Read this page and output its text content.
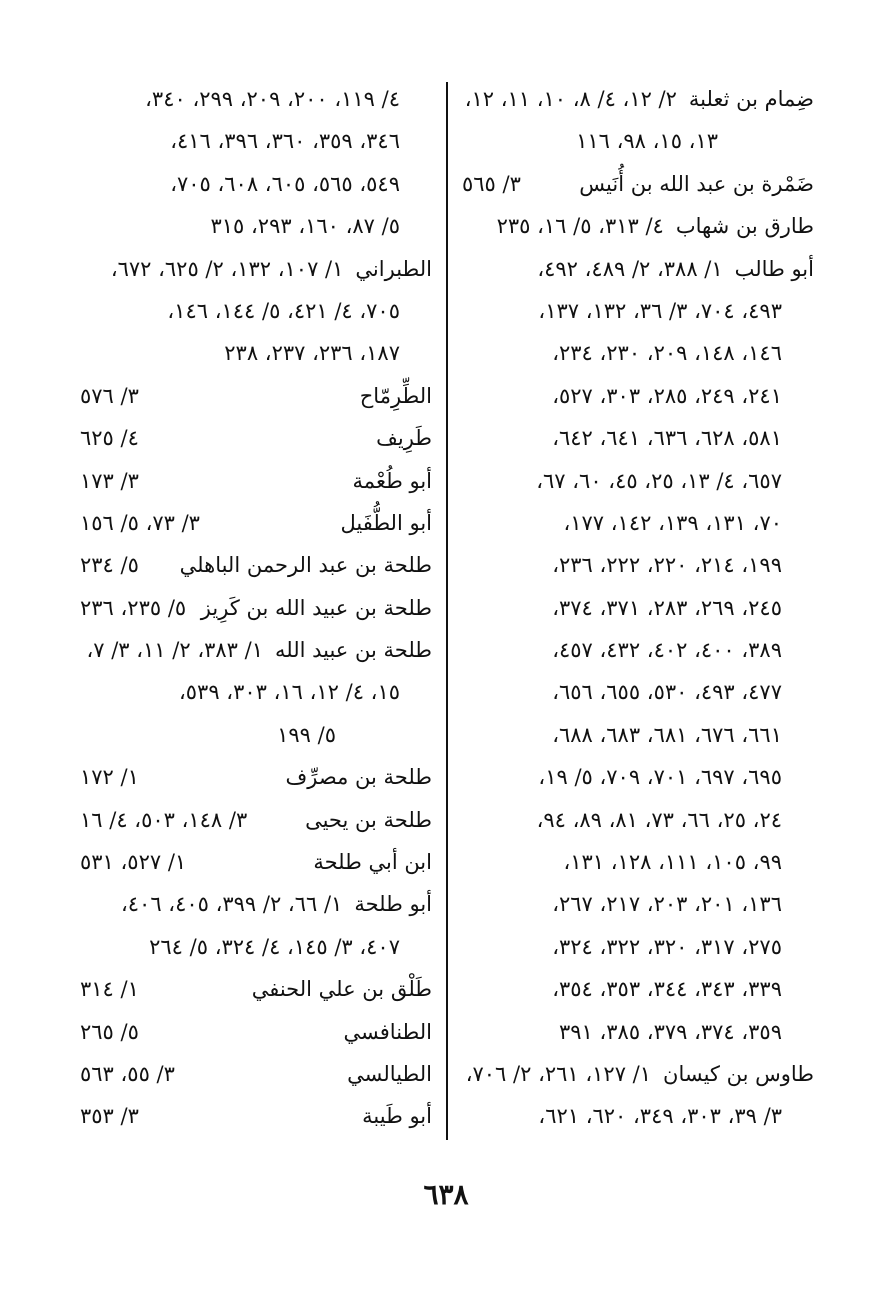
ضِمام بن ثعلبة
٢/ ١٢، ٤/ ٨، ١٠، ١١، ١٢،
١٣، ١٥، ٩٨، ١١٦
ضَمْرة بن عبد الله بن أُنَيس
٣/ ٥٦٥
طارق بن شهاب
٤/ ٣١٣، ٥/ ١٦، ٢٣٥
أبو طالب
١/ ٣٨٨، ٢/ ٤٨٩، ٤٩٢،
٤٩٣، ٧٠٤، ٣/ ٣٦، ١٣٢، ١٣٧،
١٤٦، ١٤٨، ٢٠٩، ٢٣٠، ٢٣٤،
٢٤١، ٢٤٩، ٢٨٥، ٣٠٣، ٥٢٧،
٥٨١، ٦٢٨، ٦٣٦، ٦٤١، ٦٤٢،
٦٥٧، ٤/ ١٣، ٢٥، ٤٥، ٦٠، ٦٧،
٧٠، ١٣١، ١٣٩، ١٤٢، ١٧٧،
١٩٩، ٢١٤، ٢٢٠، ٢٢٢، ٢٣٦،
٢٤٥، ٢٦٩، ٢٨٣، ٣٧١، ٣٧٤،
٣٨٩، ٤٠٠، ٤٠٢، ٤٣٢، ٤٥٧،
٤٧٧، ٤٩٣، ٥٣٠، ٦٥٥، ٦٥٦،
٦٦١، ٦٧٦، ٦٨١، ٦٨٣، ٦٨٨،
٦٩٥، ٦٩٧، ٧٠١، ٧٠٩، ٥/ ١٩،
٢٤، ٢٥، ٦٦، ٧٣، ٨١، ٨٩، ٩٤،
٩٩، ١٠٥، ١١١، ١٢٨، ١٣١،
١٣٦، ٢٠١، ٢٠٣، ٢١٧، ٢٦٧،
٢٧٥، ٣١٧، ٣٢٠، ٣٢٢، ٣٢٤،
٣٣٩، ٣٤٣، ٣٤٤، ٣٥٣، ٣٥٤،
٣٥٩، ٣٧٤، ٣٧٩، ٣٨٥، ٣٩١
طاوس بن كيسان
١/ ١٢٧، ٢٦١، ٢/ ٧٠٦،
٣/ ٣٩، ٣٠٣، ٣٤٩، ٦٢٠، ٦٢١،
٤/ ١١٩، ٢٠٠، ٢٠٩، ٢٩٩، ٣٤٠،
٣٤٦، ٣٥٩، ٣٦٠، ٣٩٦، ٤١٦،
٥٤٩، ٥٦٥، ٦٠٥، ٦٠٨، ٧٠٥،
٥/ ٨٧، ١٦٠، ٢٩٣، ٣١٥
الطبراني
١/ ١٠٧، ١٣٢، ٢/ ٦٢٥، ٦٧٢،
٧٠٥، ٤/ ٤٢١، ٥/ ١٤٤، ١٤٦،
١٨٧، ٢٣٦، ٢٣٧، ٢٣٨
الطِّرِمّاح
٣/ ٥٧٦
طَرِيف
٤/ ٦٢٥
أبو طُعْمة
٣/ ١٧٣
أبو الطُّفَيل
٣/ ٧٣، ٥/ ١٥٦
طلحة بن عبد الرحمن الباهلي
٥/ ٢٣٤
طلحة بن عبيد الله بن كَرِيز
٥/ ٢٣٥، ٢٣٦
طلحة بن عبيد الله
١/ ٣٨٣، ٢/ ١١، ٣/ ٧،
١٥، ٤/ ١٢، ١٦، ٣٠٣، ٥٣٩،
٥/ ١٩٩
طلحة بن مصرِّف
١/ ١٧٢
طلحة بن يحيى
٣/ ١٤٨، ٥٠٣، ٤/ ١٦
ابن أبي طلحة
١/ ٥٢٧، ٥٣١
أبو طلحة
١/ ٦٦، ٢/ ٣٩٩، ٤٠٥، ٤٠٦،
٤٠٧، ٣/ ١٤٥، ٤/ ٣٢٤، ٥/ ٢٦٤
طَلْق بن علي الحنفي
١/ ٣١٤
الطنافسي
٥/ ٢٦٥
الطيالسي
٣/ ٥٥، ٥٦٣
أبو طَيبة
٣/ ٣٥٣
٦٣٨
